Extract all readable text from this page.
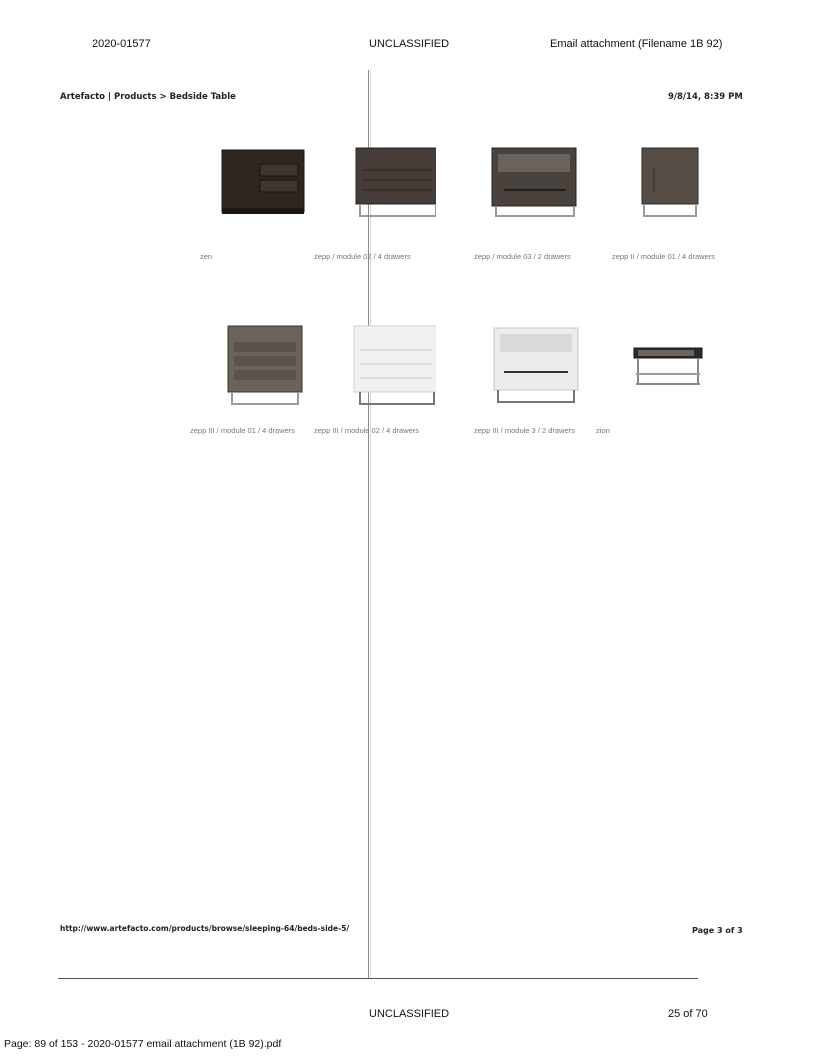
2020-01577	UNCLASSIFIED	Email attachment (Filename 1B 92)
Artefacto | Products > Bedside Table	9/8/14, 8:39 PM
zen	zepp / module 02 / 4 drawers	zepp / module 03 / 2 drawers	zepp II / module 01 / 4 drawers
zepp III / module 01 / 4 drawers	zepp III / module 02 / 4 drawers	zepp III / module 3 / 2 drawers	zion
http://www.artefacto.com/products/browse/sleeping-64/beds-side-5/	Page 3 of 3
UNCLASSIFIED	25 of 70
Page: 89 of 153 - 2020-01577 email attachment (1B 92).pdf
